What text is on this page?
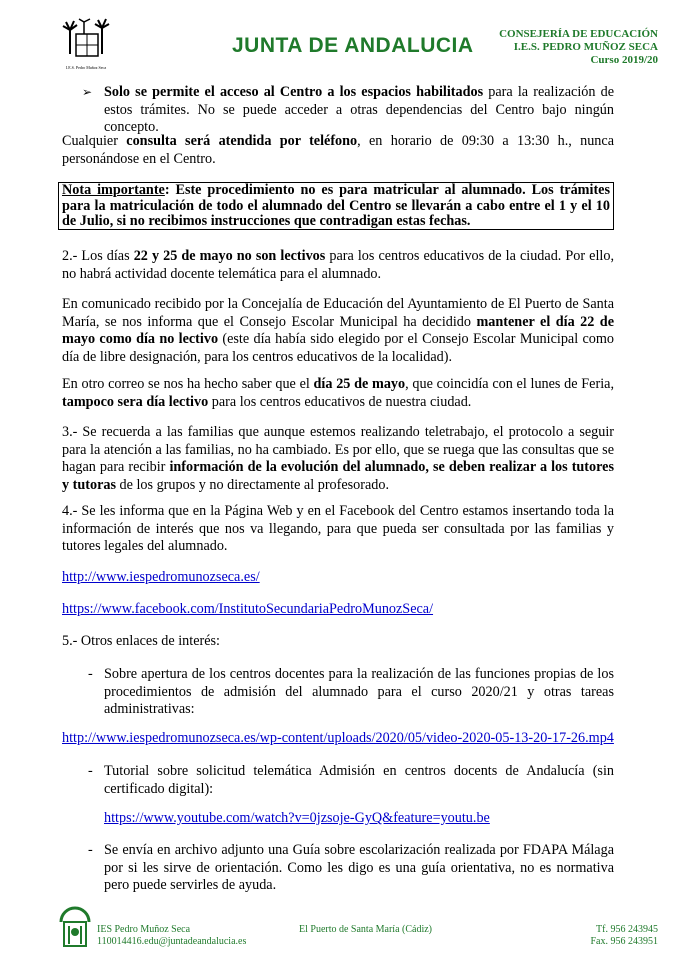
I.E.S. Pedro Muñoz Seca
JUNTA DE ANDALUCIA CONSEJERÍA DE EDUCACIÓN
I.E.S. PEDRO MUÑOZ SECA
Curso 2019/20
➢ Solo se permite el acceso al Centro a los espacios habilitados para la realización de estos trámites. No se puede acceder a otras dependencias del Centro bajo ningún concepto.
Cualquier consulta será atendida por teléfono, en horario de 09:30 a 13:30 h., nunca personándose en el Centro.
Nota importante: Este procedimiento no es para matricular al alumnado. Los trámites para la matriculación de todo el alumnado del Centro se llevarán a cabo entre el 1 y el 10 de Julio, si no recibimos instrucciones que contradigan estas fechas.
2.- Los días 22 y 25 de mayo no son lectivos para los centros educativos de la ciudad. Por ello, no habrá actividad docente telemática para el alumnado.
En comunicado recibido por la Concejalía de Educación del Ayuntamiento de El Puerto de Santa María, se nos informa que el Consejo Escolar Municipal ha decidido mantener el día 22 de mayo como día no lectivo (este día había sido elegido por el Consejo Escolar Municipal como día de libre designación, para los centros educativos de la localidad).
En otro correo se nos ha hecho saber que el día 25 de mayo, que coincidía con el lunes de Feria, tampoco sera día lectivo para los centros educativos de nuestra ciudad.
3.- Se recuerda a las familias que aunque estemos realizando teletrabajo, el protocolo a seguir para la atención a las familias, no ha cambiado. Es por ello, que se ruega que las consultas que se hagan para recibir información de la evolución del alumnado, se deben realizar a los tutores y tutoras de los grupos y no directamente al profesorado.
4.- Se les informa que en la Página Web y en el Facebook del Centro estamos insertando toda la información de interés que nos va llegando, para que pueda ser consultada por las familias y tutores legales del alumnado.
http://www.iespedromunozseca.es/
https://www.facebook.com/InstitutoSecundariaPedroMunozSeca/
5.- Otros enlaces de interés:
- Sobre apertura de los centros docentes para la realización de las funciones propias de los procedimientos de admisión del alumnado para el curso 2020/21 y otras tareas administrativas:
http://www.iespedromunozseca.es/wp-content/uploads/2020/05/video-2020-05-13-20-17-26.mp4
- Tutorial sobre solicitud telemática Admisión en centros docents de Andalucía (sin certificado digital):
https://www.youtube.com/watch?v=0jzsoje-GyQ&feature=youtu.be
- Se envía en archivo adjunto una Guía sobre escolarización realizada por FDAPA Málaga por si les sirve de orientación. Como les digo es una guía orientativa, no es normativa pero puede servirles de ayuda.
IES Pedro Muñoz Seca
110014416.edu@juntadeandalucia.es
El Puerto de Santa María (Cádiz)	Tf. 956 243945
Fax. 956 243951
